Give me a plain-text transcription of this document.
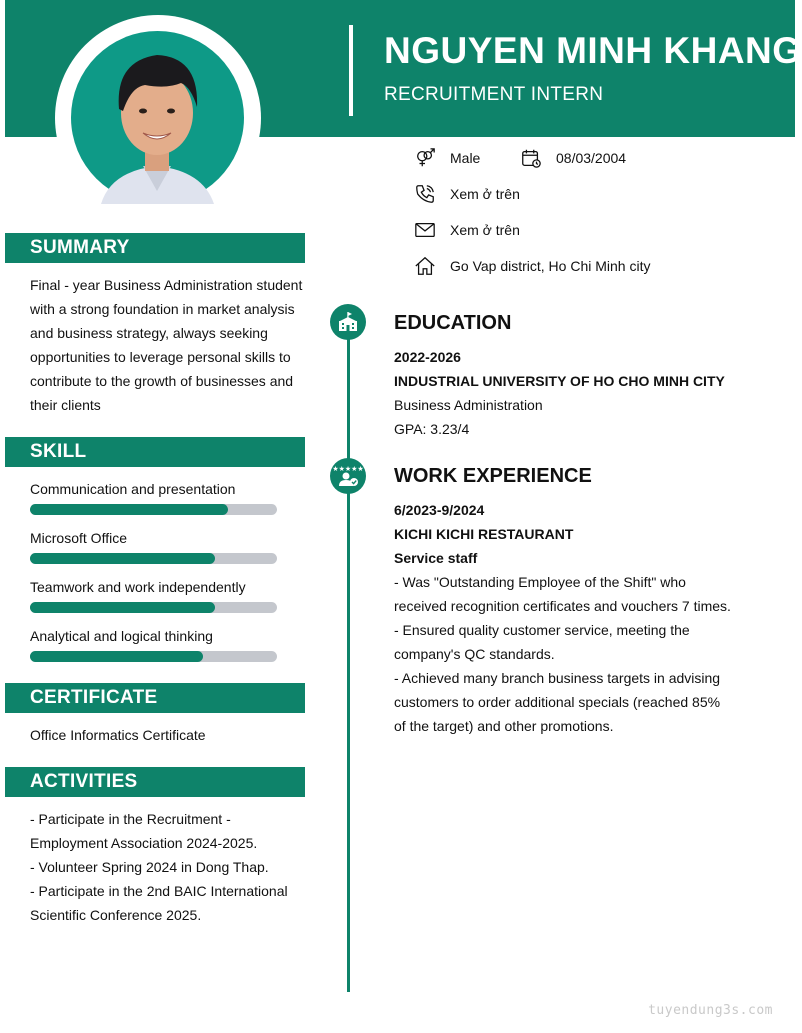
NGUYEN MINH KHANG
RECRUITMENT INTERN
Male	08/03/2004
Xem ở trên
Xem ở trên
Go Vap district, Ho Chi Minh city
SUMMARY
Final - year Business Administration student with a strong foundation in market analysis and business strategy, always seeking opportunities to leverage personal skills to contribute to the growth of businesses and their clients
SKILL
Communication and presentation
Microsoft Office
Teamwork and work independently
Analytical and logical thinking
CERTIFICATE
Office Informatics Certificate
ACTIVITIES
- Participate in the Recruitment - Employment Association 2024-2025.
- Volunteer Spring 2024 in Dong Thap.
- Participate in the 2nd BAIC International Scientific Conference 2025.
★★★★★
EDUCATION
2022-2026
INDUSTRIAL UNIVERSITY OF HO CHO MINH CITY
Business Administration
GPA: 3.23/4
WORK EXPERIENCE
6/2023-9/2024
KICHI KICHI RESTAURANT
Service staff
- Was "Outstanding Employee of the Shift" who received recognition certificates and vouchers 7 times.
- Ensured quality customer service, meeting the company's QC standards.
- Achieved many branch business targets in advising customers to order additional specials (reached 85% of the target) and other promotions.
tuyendung3s.com
